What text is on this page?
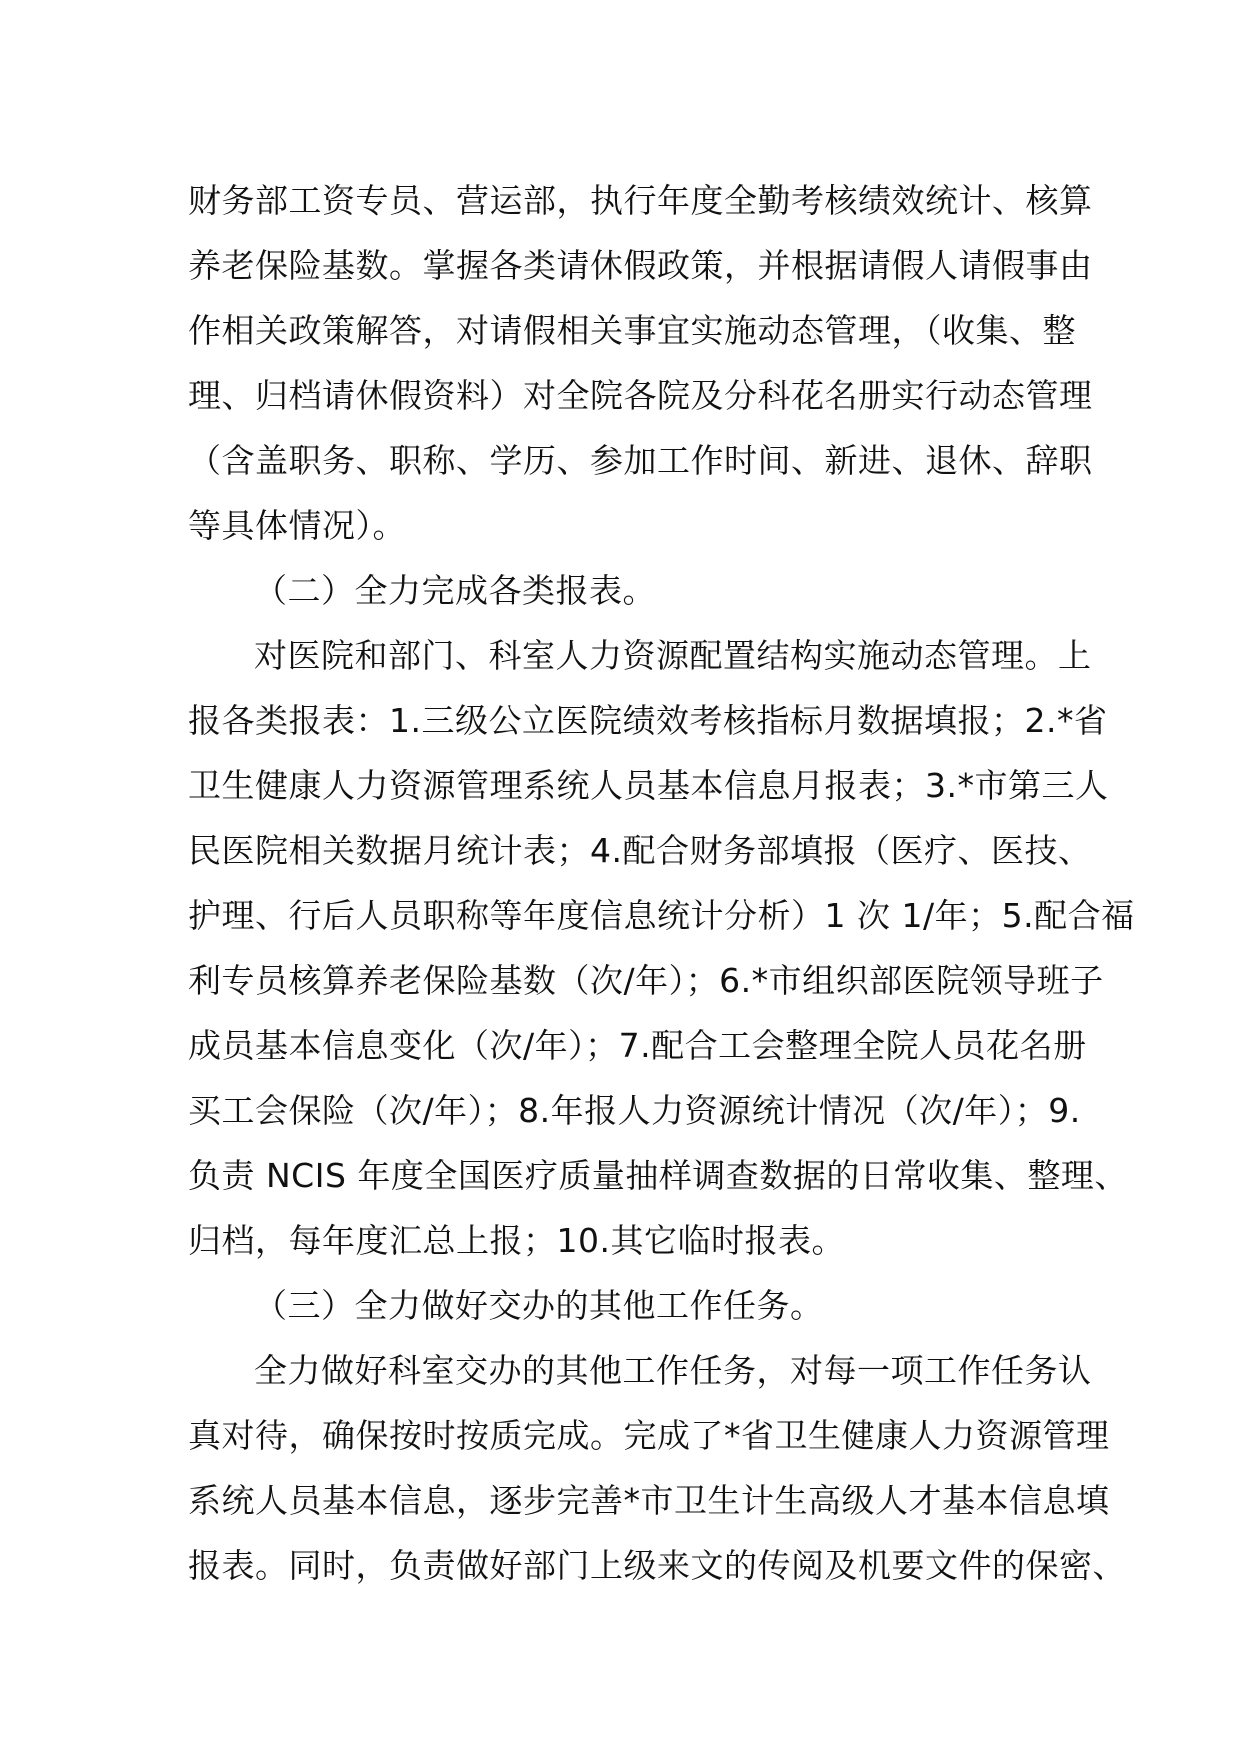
财务部工资专员、营运部，执行年度全勤考核绩效统计、核算
养老保险基数。掌握各类请休假政策，并根据请假人请假事由
作相关政策解答，对请假相关事宜实施动态管理，（收集、整
理、归档请休假资料）对全院各院及分科花名册实行动态管理
（含盖职务、职称、学历、参加工作时间、新进、退休、辞职
等具体情况）。
（二）全力完成各类报表。
对医院和部门、科室人力资源配置结构实施动态管理。上
报各类报表：1.三级公立医院绩效考核指标月数据填报；2.*省
卫生健康人力资源管理系统人员基本信息月报表；3.*市第三人
民医院相关数据月统计表；4.配合财务部填报（医疗、医技、
护理、行后人员职称等年度信息统计分析）1 次 1/年；5.配合福
利专员核算养老保险基数（次/年）；6.*市组织部医院领导班子
成员基本信息变化（次/年）；7.配合工会整理全院人员花名册
买工会保险（次/年）；8.年报人力资源统计情况（次/年）；9.
负责 NCIS 年度全国医疗质量抽样调查数据的日常收集、整理、
归档，每年度汇总上报；10.其它临时报表。
（三）全力做好交办的其他工作任务。
全力做好科室交办的其他工作任务，对每一项工作任务认
真对待，确保按时按质完成。完成了*省卫生健康人力资源管理
系统人员基本信息，逐步完善*市卫生计生高级人才基本信息填
报表。同时，负责做好部门上级来文的传阅及机要文件的保密、
